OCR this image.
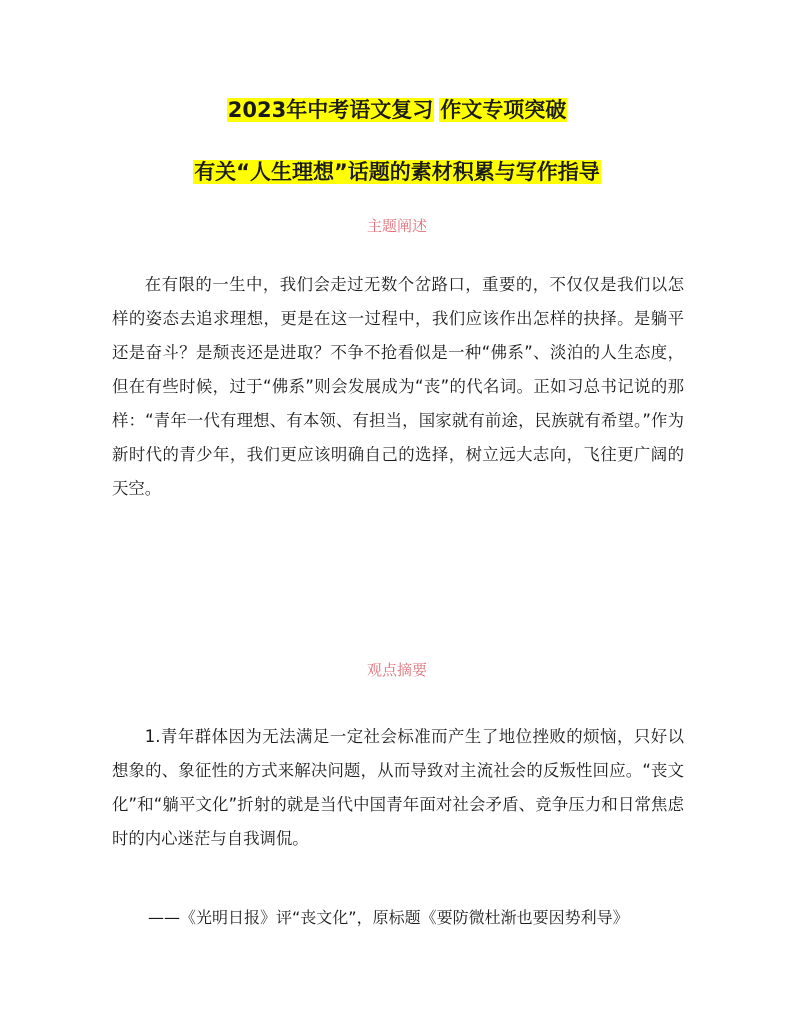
2023年中考语文复习 作文专项突破
有关“人生理想”话题的素材积累与写作指导
主题阐述

在有限的一生中，我们会走过无数个岔路口，重要的，不仅仅是我们以怎样的姿态去追求理想，更是在这一过程中，我们应该作出怎样的抉择。是躺平还是奋斗？是颓丧还是进取？不争不抢看似是一种“佛系”、淡泊的人生态度，但在有些时候，过于“佛系”则会发展成为“丧”的代名词。正如习总书记说的那样：“青年一代有理想、有本领、有担当，国家就有前途，民族就有希望。”作为新时代的青少年，我们更应该明确自己的选择，树立远大志向，飞往更广阔的天空。

观点摘要

1.青年群体因为无法满足一定社会标准而产生了地位挫败的烦恼，只好以想象的、象征性的方式来解决问题，从而导致对主流社会的反叛性回应。“丧文化”和“躺平文化”折射的就是当代中国青年面对社会矛盾、竞争压力和日常焦虑时的内心迷茫与自我调侃。

——《光明日报》评“丧文化”，原标题《要防微杜渐也要因势利导》
